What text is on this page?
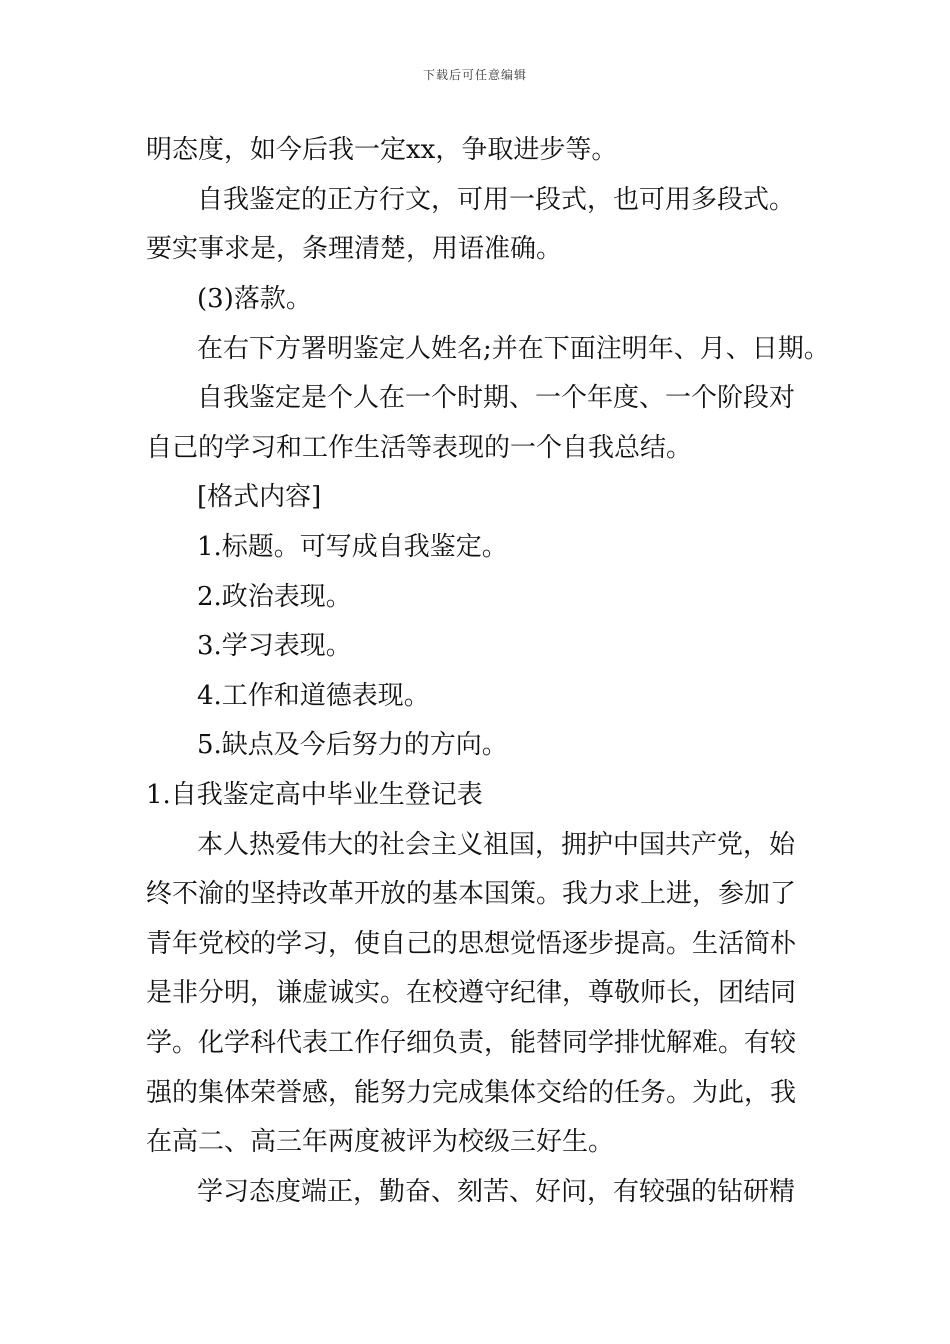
下载后可任意编辑
明态度，如今后我一定xx，争取进步等。
自我鉴定的正方行文，可用一段式，也可用多段式。
要实事求是，条理清楚，用语准确。
(3)落款。
在右下方署明鉴定人姓名;并在下面注明年、月、日期。
自我鉴定是个人在一个时期、一个年度、一个阶段对
自己的学习和工作生活等表现的一个自我总结。
[格式内容]
1.标题。可写成自我鉴定。
2.政治表现。
3.学习表现。
4.工作和道德表现。
5.缺点及今后努力的方向。
1.自我鉴定高中毕业生登记表
本人热爱伟大的社会主义祖国，拥护中国共产党，始
终不渝的坚持改革开放的基本国策。我力求上进，参加了
青年党校的学习，使自己的思想觉悟逐步提高。生活简朴
是非分明，谦虚诚实。在校遵守纪律，尊敬师长，团结同
学。化学科代表工作仔细负责，能替同学排忧解难。有较
强的集体荣誉感，能努力完成集体交给的任务。为此，我
在高二、高三年两度被评为校级三好生。
学习态度端正，勤奋、刻苦、好问，有较强的钻研精
